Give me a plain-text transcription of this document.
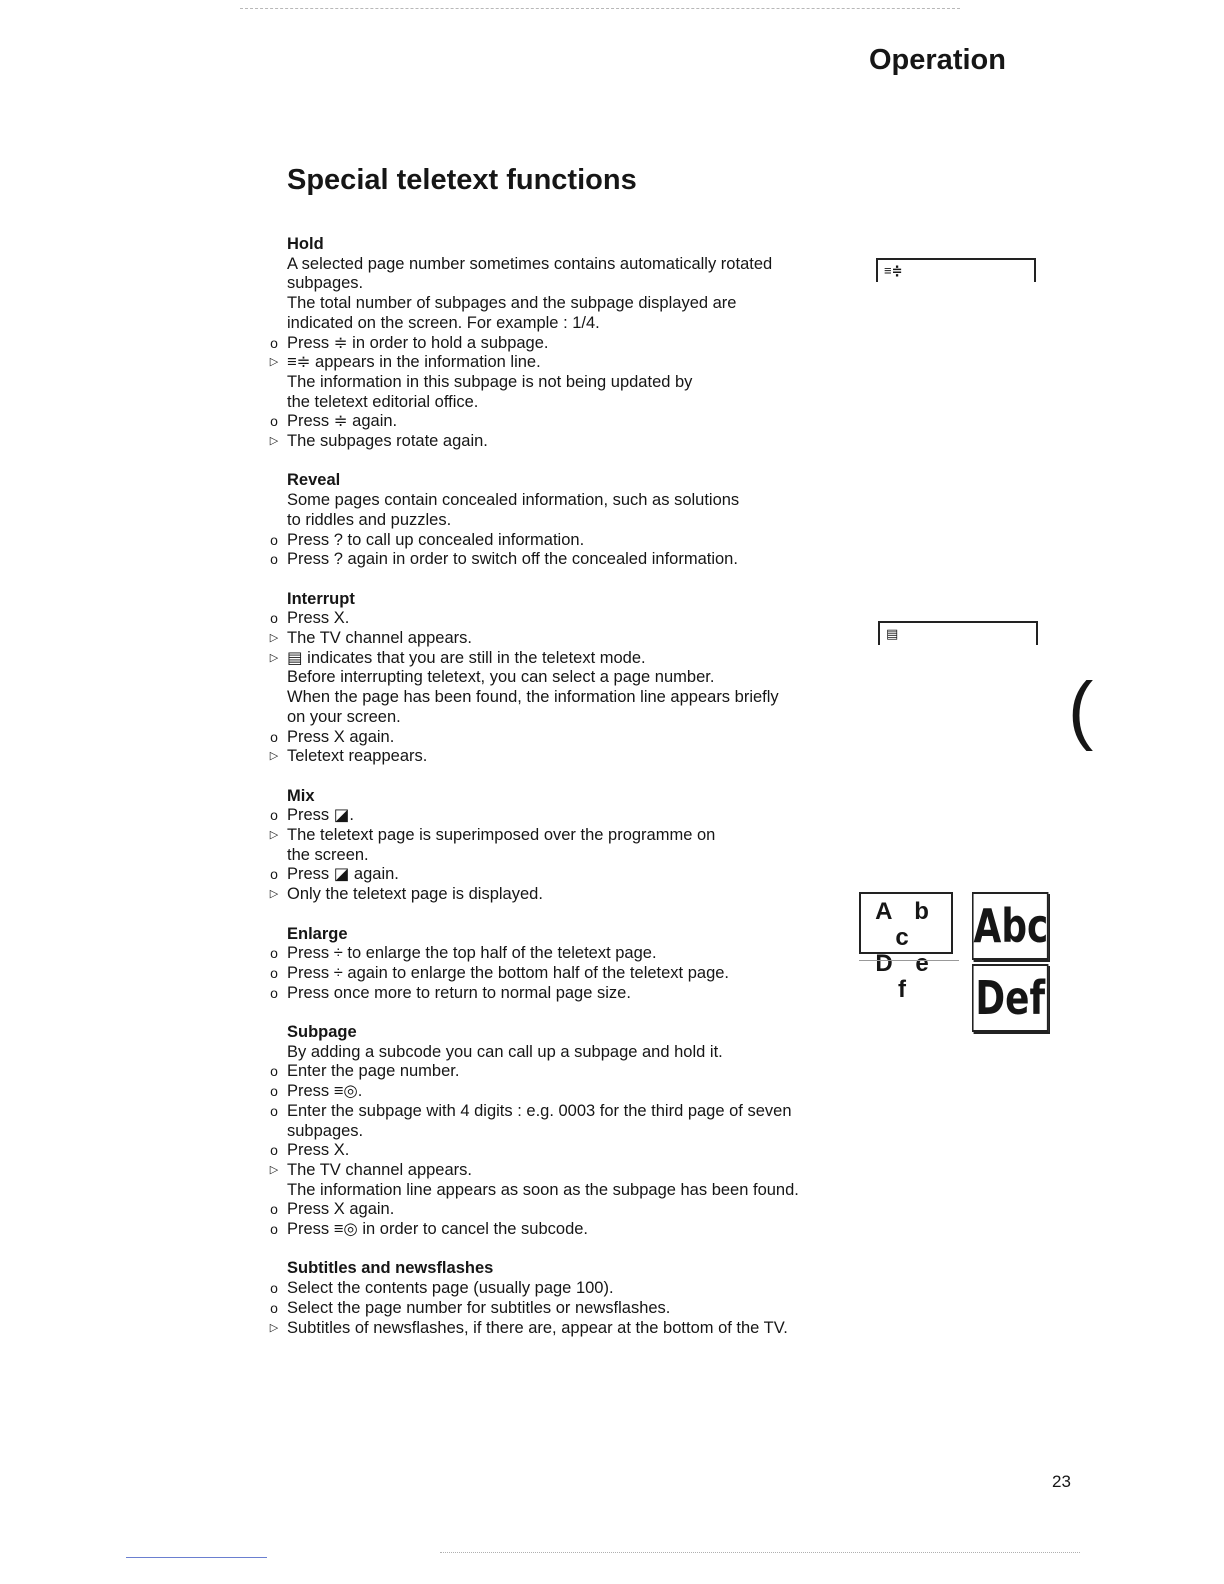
Operation
Special teletext functions
Hold
A selected page number sometimes contains automatically rotated
subpages.
The total number of subpages and the subpage displayed are
indicated on the screen. For example : 1/4.
o Press ≑ in order to hold a subpage.
▷ ≡≑ appears in the information line.
The information in this subpage is not being updated by
the teletext editorial office.
o Press ≑ again.
▷ The subpages rotate again.
Reveal
Some pages contain concealed information, such as solutions
to riddles and puzzles.
o Press ? to call up concealed information.
o Press ? again in order to switch off the concealed information.
Interrupt
o Press X.
▷ The TV channel appears.
▷ ▤ indicates that you are still in the teletext mode.
Before interrupting teletext, you can select a page number.
When the page has been found, the information line appears briefly
on your screen.
o Press X again.
▷ Teletext reappears.
Mix
o Press ◪.
▷ The teletext page is superimposed over the programme on
the screen.
o Press ◪ again.
▷ Only the teletext page is displayed.
Enlarge
o Press ÷ to enlarge the top half of the teletext page.
o Press ÷ again to enlarge the bottom half of the teletext page.
o Press once more to return to normal page size.
Subpage
By adding a subcode you can call up a subpage and hold it.
o Enter the page number.
o Press ≡◎.
o Enter the subpage with 4 digits : e.g. 0003 for the third page of seven
subpages.
o Press X.
▷ The TV channel appears.
The information line appears as soon as the subpage has been found.
o Press X again.
o Press ≡◎ in order to cancel the subcode.
Subtitles and newsflashes
o Select the contents page (usually page 100).
o Select the page number for subtitles or newsflashes.
▷ Subtitles of newsflashes, if there are, appear at the bottom of the TV.
≡≑
▤
(
A b c
D e f
Abc
Def
23
